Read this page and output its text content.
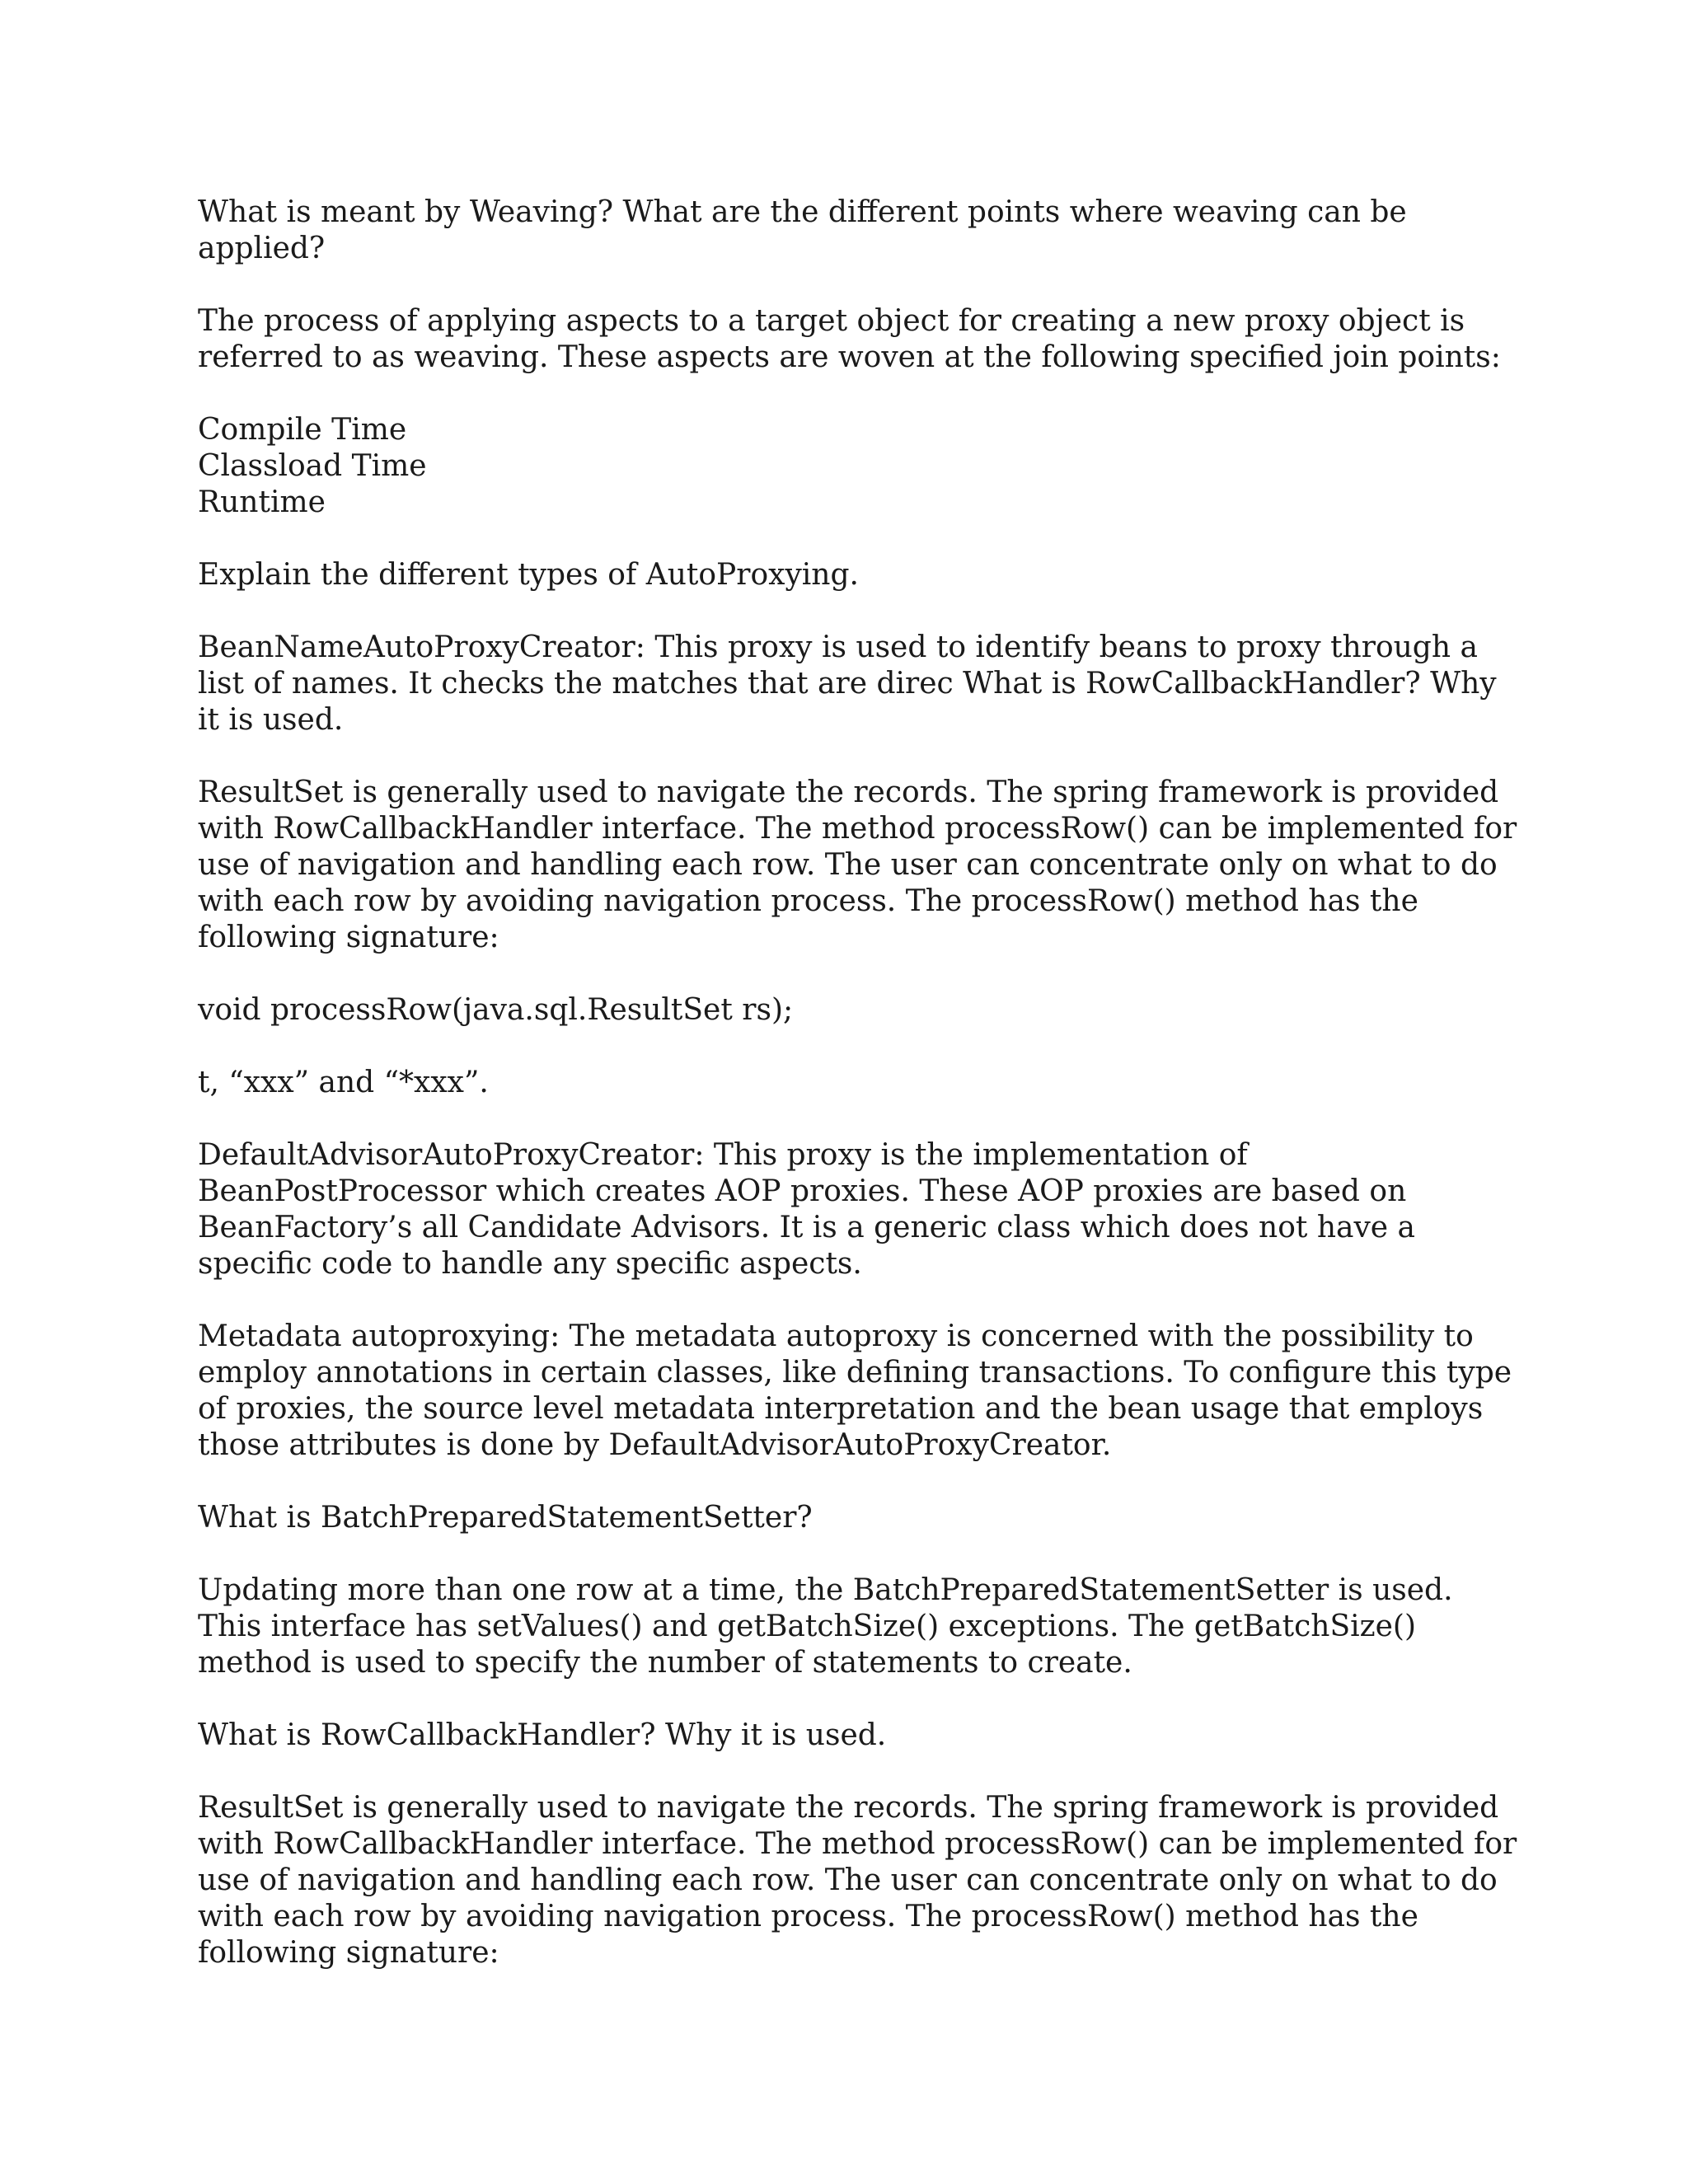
What is meant by Weaving? What are the different points where weaving can be applied?

The process of applying aspects to a target object for creating a new proxy object is referred to as weaving. These aspects are woven at the following specified join points:

Compile Time
Classload Time
Runtime

Explain the different types of AutoProxying.

BeanNameAutoProxyCreator: This proxy is used to identify beans to proxy through a list of names. It checks the matches that are direc What is RowCallbackHandler? Why it is used.

ResultSet is generally used to navigate the records. The spring framework is provided with RowCallbackHandler interface. The method processRow() can be implemented for use of navigation and handling each row. The user can concentrate only on what to do with each row by avoiding navigation process. The processRow() method has the following signature:

void processRow(java.sql.ResultSet rs);

t, “xxx” and “*xxx”.

DefaultAdvisorAutoProxyCreator: This proxy is the implementation of BeanPostProcessor which creates AOP proxies. These AOP proxies are based on BeanFactory’s all Candidate Advisors. It is a generic class which does not have a specific code to handle any specific aspects.

Metadata autoproxying: The metadata autoproxy is concerned with the possibility to employ annotations in certain classes, like defining transactions. To configure this type of proxies, the source level metadata interpretation and the bean usage that employs those attributes is done by DefaultAdvisorAutoProxyCreator.

What is BatchPreparedStatementSetter?

Updating more than one row at a time, the BatchPreparedStatementSetter is used. This interface has setValues() and getBatchSize() exceptions. The getBatchSize() method is used to specify the number of statements to create.

What is RowCallbackHandler? Why it is used.

ResultSet is generally used to navigate the records. The spring framework is provided with RowCallbackHandler interface. The method processRow() can be implemented for use of navigation and handling each row. The user can concentrate only on what to do with each row by avoiding navigation process. The processRow() method has the following signature:
